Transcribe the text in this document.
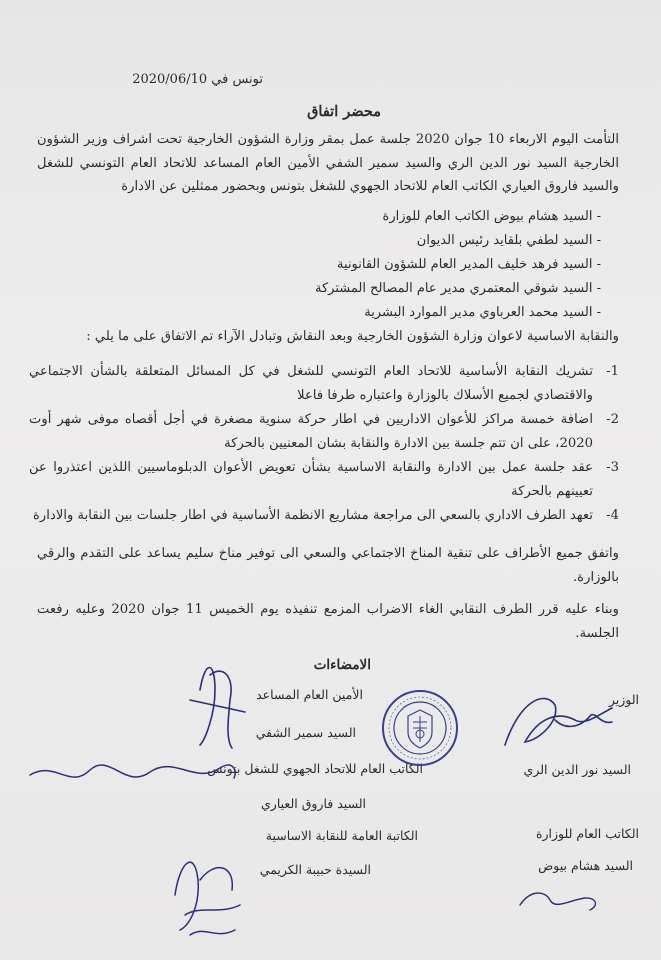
تونس في 2020/06/10
محضر اتفاق
التأمت اليوم الاربعاء 10 جوان 2020 جلسة عمل بمقر وزارة الشؤون الخارجية تحت اشراف وزير الشؤون الخارجية السيد نور الدين الري والسيد سمير الشفي الأمين العام المساعد للاتحاد العام التونسي للشغل والسيد فاروق العياري الكاتب العام للاتحاد الجهوي للشغل بتونس وبحضور ممثلين عن الادارة
- السيد هشام بيوض الكاتب العام للوزارة
- السيد لطفي بلقايد رئيس الديوان
- السيد فرهد خليف المدير العام للشؤون القانونية
- السيد شوقي المعتمري مدير عام المصالح المشتركة
- السيد محمد العرباوي مدير الموارد البشرية
والنقابة الاساسية لاعوان وزارة الشؤون الخارجية وبعد النقاش وتبادل الآراء تم الاتفاق على ما يلي :
1-
تشريك النقابة الأساسية للاتحاد العام التونسي للشغل في كل المسائل المتعلقة بالشأن الاجتماعي والاقتصادي لجميع الأسلاك بالوزارة واعتباره طرفا فاعلا
2-
اضافة خمسة مراكز للأعوان الاداريين في اطار حركة سنوية مصغرة في أجل أقصاه موفى شهر أوت 2020، على ان تتم جلسة بين الادارة والنقابة بشان المعنيين بالحركة
3-
عقد جلسة عمل بين الادارة والنقابة الاساسية بشأن تعويض الأعوان الدبلوماسيين اللذين اعتذروا عن تعيينهم بالحركة
4-
تعهد الطرف الاداري بالسعي الى مراجعة مشاريع الانظمة الأساسية في اطار جلسات بين النقابة والادارة
واتفق جميع الأطراف على تنقية المناخ الاجتماعي والسعي الى توفير مناخ سليم يساعد على التقدم والرقي بالوزارة.
وبناء عليه قرر الطرف النقابي الغاء الاضراب المزمع تنفيذه يوم الخميس 11 جوان 2020 وعليه رفعت الجلسة.
الامضاءات
الأمين العام المساعد
السيد سمير الشفي
الكاتب العام للاتحاد الجهوي للشغل بتونس
السيد فاروق العياري
الكاتبة العامة للنقابة الاساسية
السيدة حبيبة الكريمي
الوزير
السيد نور الدين الري
الكاتب العام للوزارة
السيد هشام بيوض
